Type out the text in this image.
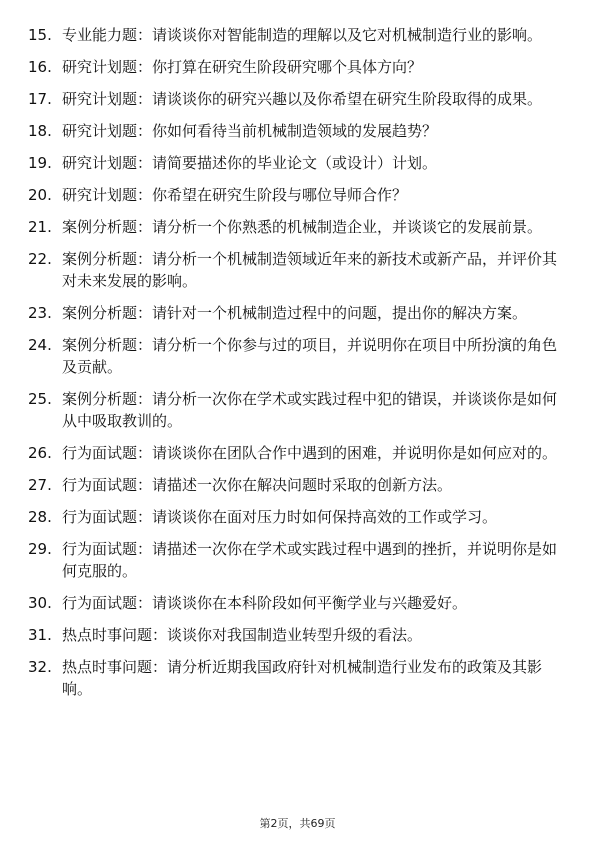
15. 专业能力题：请谈谈你对智能制造的理解以及它对机械制造行业的影响。
16. 研究计划题：你打算在研究生阶段研究哪个具体方向？
17. 研究计划题：请谈谈你的研究兴趣以及你希望在研究生阶段取得的成果。
18. 研究计划题：你如何看待当前机械制造领域的发展趋势？
19. 研究计划题：请简要描述你的毕业论文（或设计）计划。
20. 研究计划题：你希望在研究生阶段与哪位导师合作？
21. 案例分析题：请分析一个你熟悉的机械制造企业，并谈谈它的发展前景。
22. 案例分析题：请分析一个机械制造领域近年来的新技术或新产品，并评价其对未来发展的影响。
23. 案例分析题：请针对一个机械制造过程中的问题，提出你的解决方案。
24. 案例分析题：请分析一个你参与过的项目，并说明你在项目中所扮演的角色及贡献。
25. 案例分析题：请分析一次你在学术或实践过程中犯的错误，并谈谈你是如何从中吸取教训的。
26. 行为面试题：请谈谈你在团队合作中遇到的困难，并说明你是如何应对的。
27. 行为面试题：请描述一次你在解决问题时采取的创新方法。
28. 行为面试题：请谈谈你在面对压力时如何保持高效的工作或学习。
29. 行为面试题：请描述一次你在学术或实践过程中遇到的挫折，并说明你是如何克服的。
30. 行为面试题：请谈谈你在本科阶段如何平衡学业与兴趣爱好。
31. 热点时事问题：谈谈你对我国制造业转型升级的看法。
32. 热点时事问题：请分析近期我国政府针对机械制造行业发布的政策及其影响。
第2页，共69页
